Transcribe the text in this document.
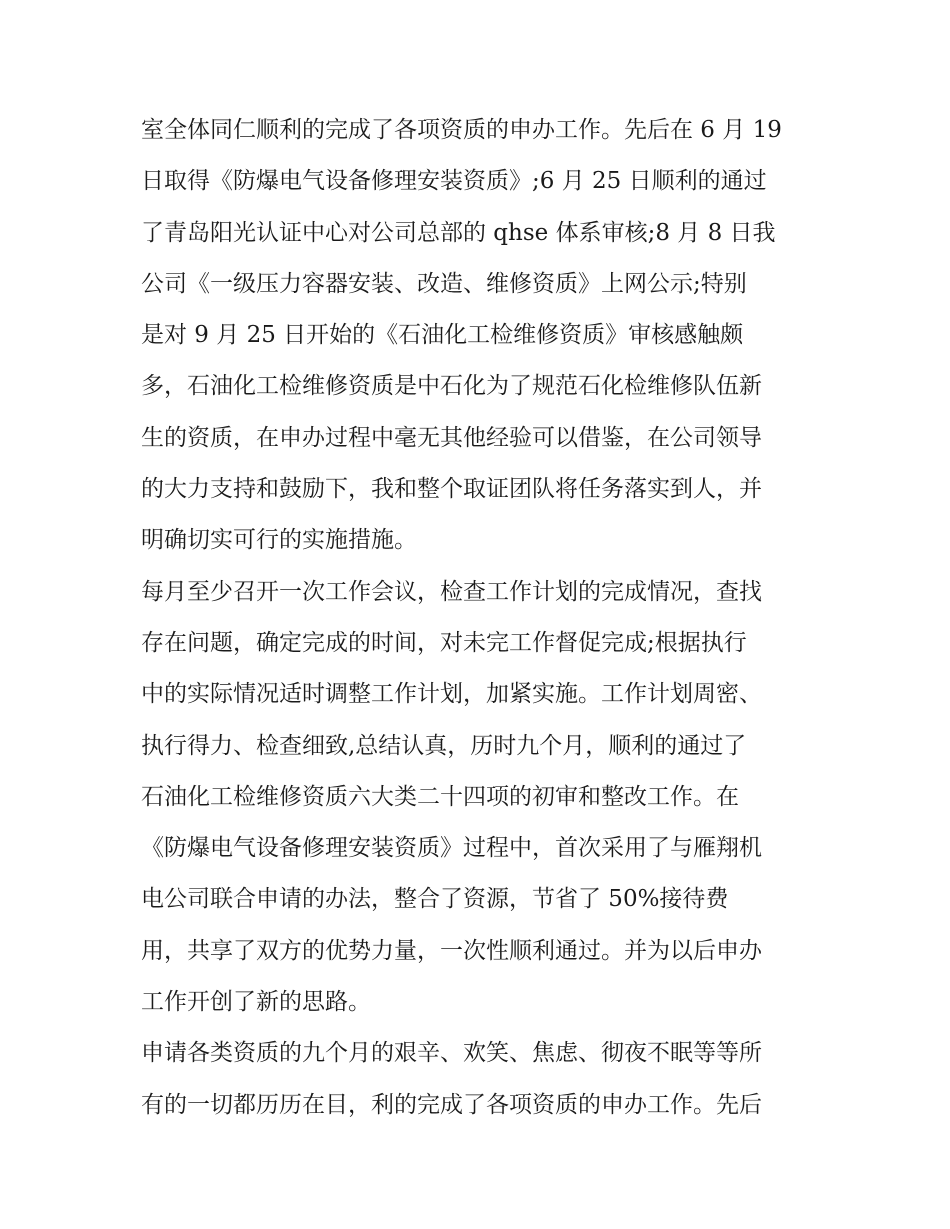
室全体同仁顺利的完成了各项资质的申办工作。先后在 6 月 19
日取得《防爆电气设备修理安装资质》;6 月 25 日顺利的通过
了青岛阳光认证中心对公司总部的 qhse 体系审核;8 月 8 日我
公司《一级压力容器安装、改造、维修资质》上网公示;特别
是对 9 月 25 日开始的《石油化工检维修资质》审核感触颇
多，石油化工检维修资质是中石化为了规范石化检维修队伍新
生的资质，在申办过程中毫无其他经验可以借鉴，在公司领导
的大力支持和鼓励下，我和整个取证团队将任务落实到人，并
明确切实可行的实施措施。
每月至少召开一次工作会议，检查工作计划的完成情况，查找
存在问题，确定完成的时间，对未完工作督促完成;根据执行
中的实际情况适时调整工作计划，加紧实施。工作计划周密、
执行得力、检查细致,总结认真，历时九个月，顺利的通过了
石油化工检维修资质六大类二十四项的初审和整改工作。在
《防爆电气设备修理安装资质》过程中，首次采用了与雁翔机
电公司联合申请的办法，整合了资源，节省了 50%接待费
用，共享了双方的优势力量，一次性顺利通过。并为以后申办
工作开创了新的思路。
申请各类资质的九个月的艰辛、欢笑、焦虑、彻夜不眠等等所
有的一切都历历在目，利的完成了各项资质的申办工作。先后
